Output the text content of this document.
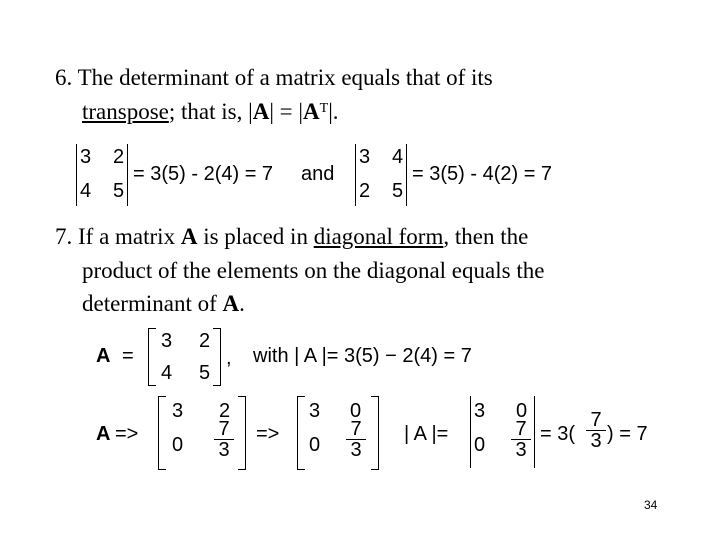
6. The determinant of a matrix equals that of its
transpose; that is, $|A| = |A^T|$.
3 2
4 5
= 3(5) - 2(4) = 7 and
3 4
2 5
= 3(5) - 4(2) = 7
7. If a matrix A is placed in diagonal form, then the
product of the elements on the diagonal equals the
determinant of A.
A =
3 2
4 5
, with | A |= 3(5) − 2(4) = 7
A =>
3 2
$0 \frac{7}{3}$ =>
3 0
$0 \frac{7}{3}$ | A |=
3 0
$0 \frac{7}{3} = 3( \frac{7}{3}$ ) = 7
34
